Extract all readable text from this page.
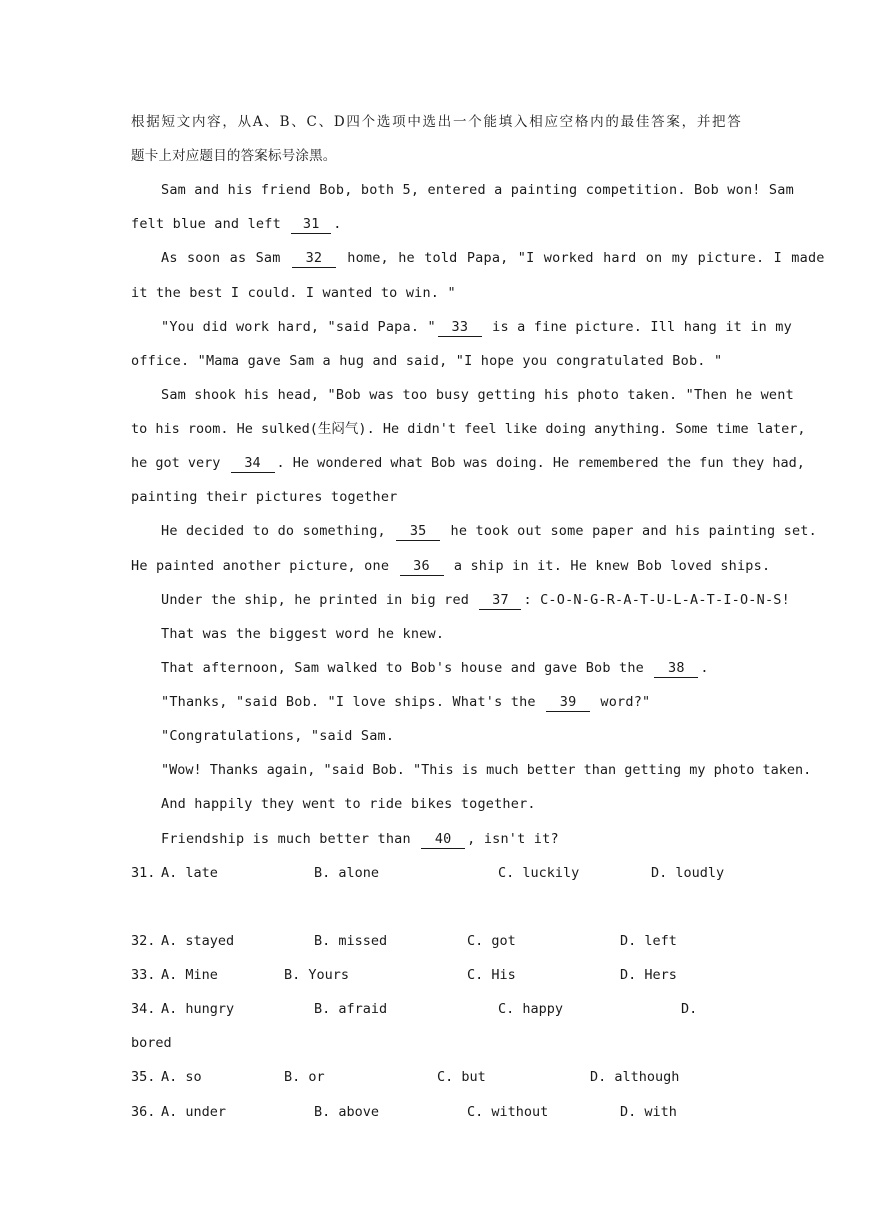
根据短文内容，从A、B、C、D四个选项中选出一个能填入相应空格内的最佳答案，并把答
题卡上对应题目的答案标号涂黑。
Sam and his friend Bob, both 5, entered a painting competition. Bob won! Sam
felt blue and left 31 .
As soon as Sam 32 home, he told Papa, "I worked hard on my picture. I made
it the best I could. I wanted to win. "
"You did work hard, "said Papa. " 33 is a fine picture. Ill hang it in my
office. "Mama gave Sam a hug and said, "I hope you congratulated Bob. "
Sam shook his head, "Bob was too busy getting his photo taken. "Then he went
to his room. He sulked(生闷气). He didn't feel like doing anything. Some time later,
he got very 34 . He wondered what Bob was doing. He remembered the fun they had,
painting their pictures together
He decided to do something, 35 he took out some paper and his painting set.
He painted another picture, one 36 a ship in it. He knew Bob loved ships.
Under the ship, he printed in big red 37 : C-O-N-G-R-A-T-U-L-A-T-I-O-N-S!
That was the biggest word he knew.
That afternoon, Sam walked to Bob's house and gave Bob the 38 .
"Thanks, "said Bob. "I love ships. What's the 39 word?"
"Congratulations, "said Sam.
"Wow! Thanks again, "said Bob. "This is much better than getting my photo taken.
And happily they went to ride bikes together.
Friendship is much better than 40 , isn't it?
31. A. late	B. alone	C. luckily	D. loudly
32. A. stayed	B. missed	C. got	D. left
33. A. Mine	B. Yours	C. His	D. Hers
34. A. hungry	B. afraid	C. happy	D.
bored
35. A. so	B. or	C. but	D. although
36. A. under	B. above	C. without	D. with
